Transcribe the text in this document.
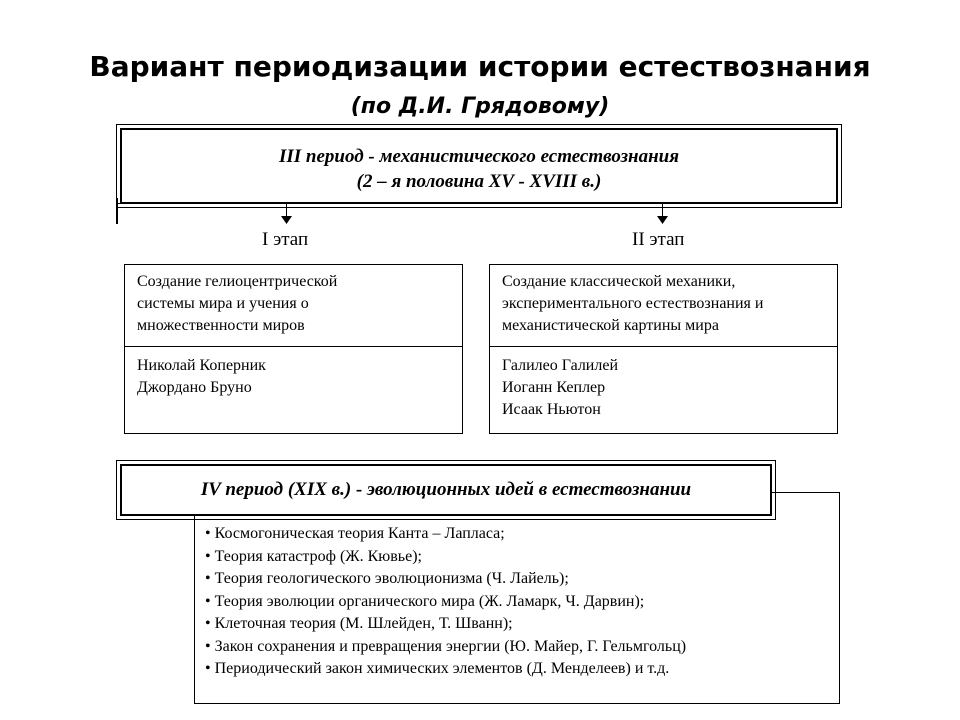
Вариант периодизации истории естествознания
(по Д.И. Грядовому)
III период - механистического естествознания
(2 – я половина XV - XVIII в.)
I этап	II этап
Создание гелиоцентрической
системы мира и учения о
множественности миров
Николай Коперник
Джордано Бруно
Создание классической механики,
экспериментального естествознания и
механистической картины мира
Галилео Галилей
Иоганн Кеплер
Исаак Ньютон
• Космогоническая теория Канта – Лапласа;
• Теория катастроф (Ж. Кювье);
• Теория геологического эволюционизма (Ч. Лайель);
• Теория эволюции органического мира (Ж. Ламарк, Ч. Дарвин);
• Клеточная теория (М. Шлейден, Т. Шванн);
• Закон сохранения и превращения энергии (Ю. Майер, Г. Гельмгольц)
• Периодический закон химических элементов (Д. Менделеев) и т.д.
IV период (XIX в.) - эволюционных идей в естествознании
